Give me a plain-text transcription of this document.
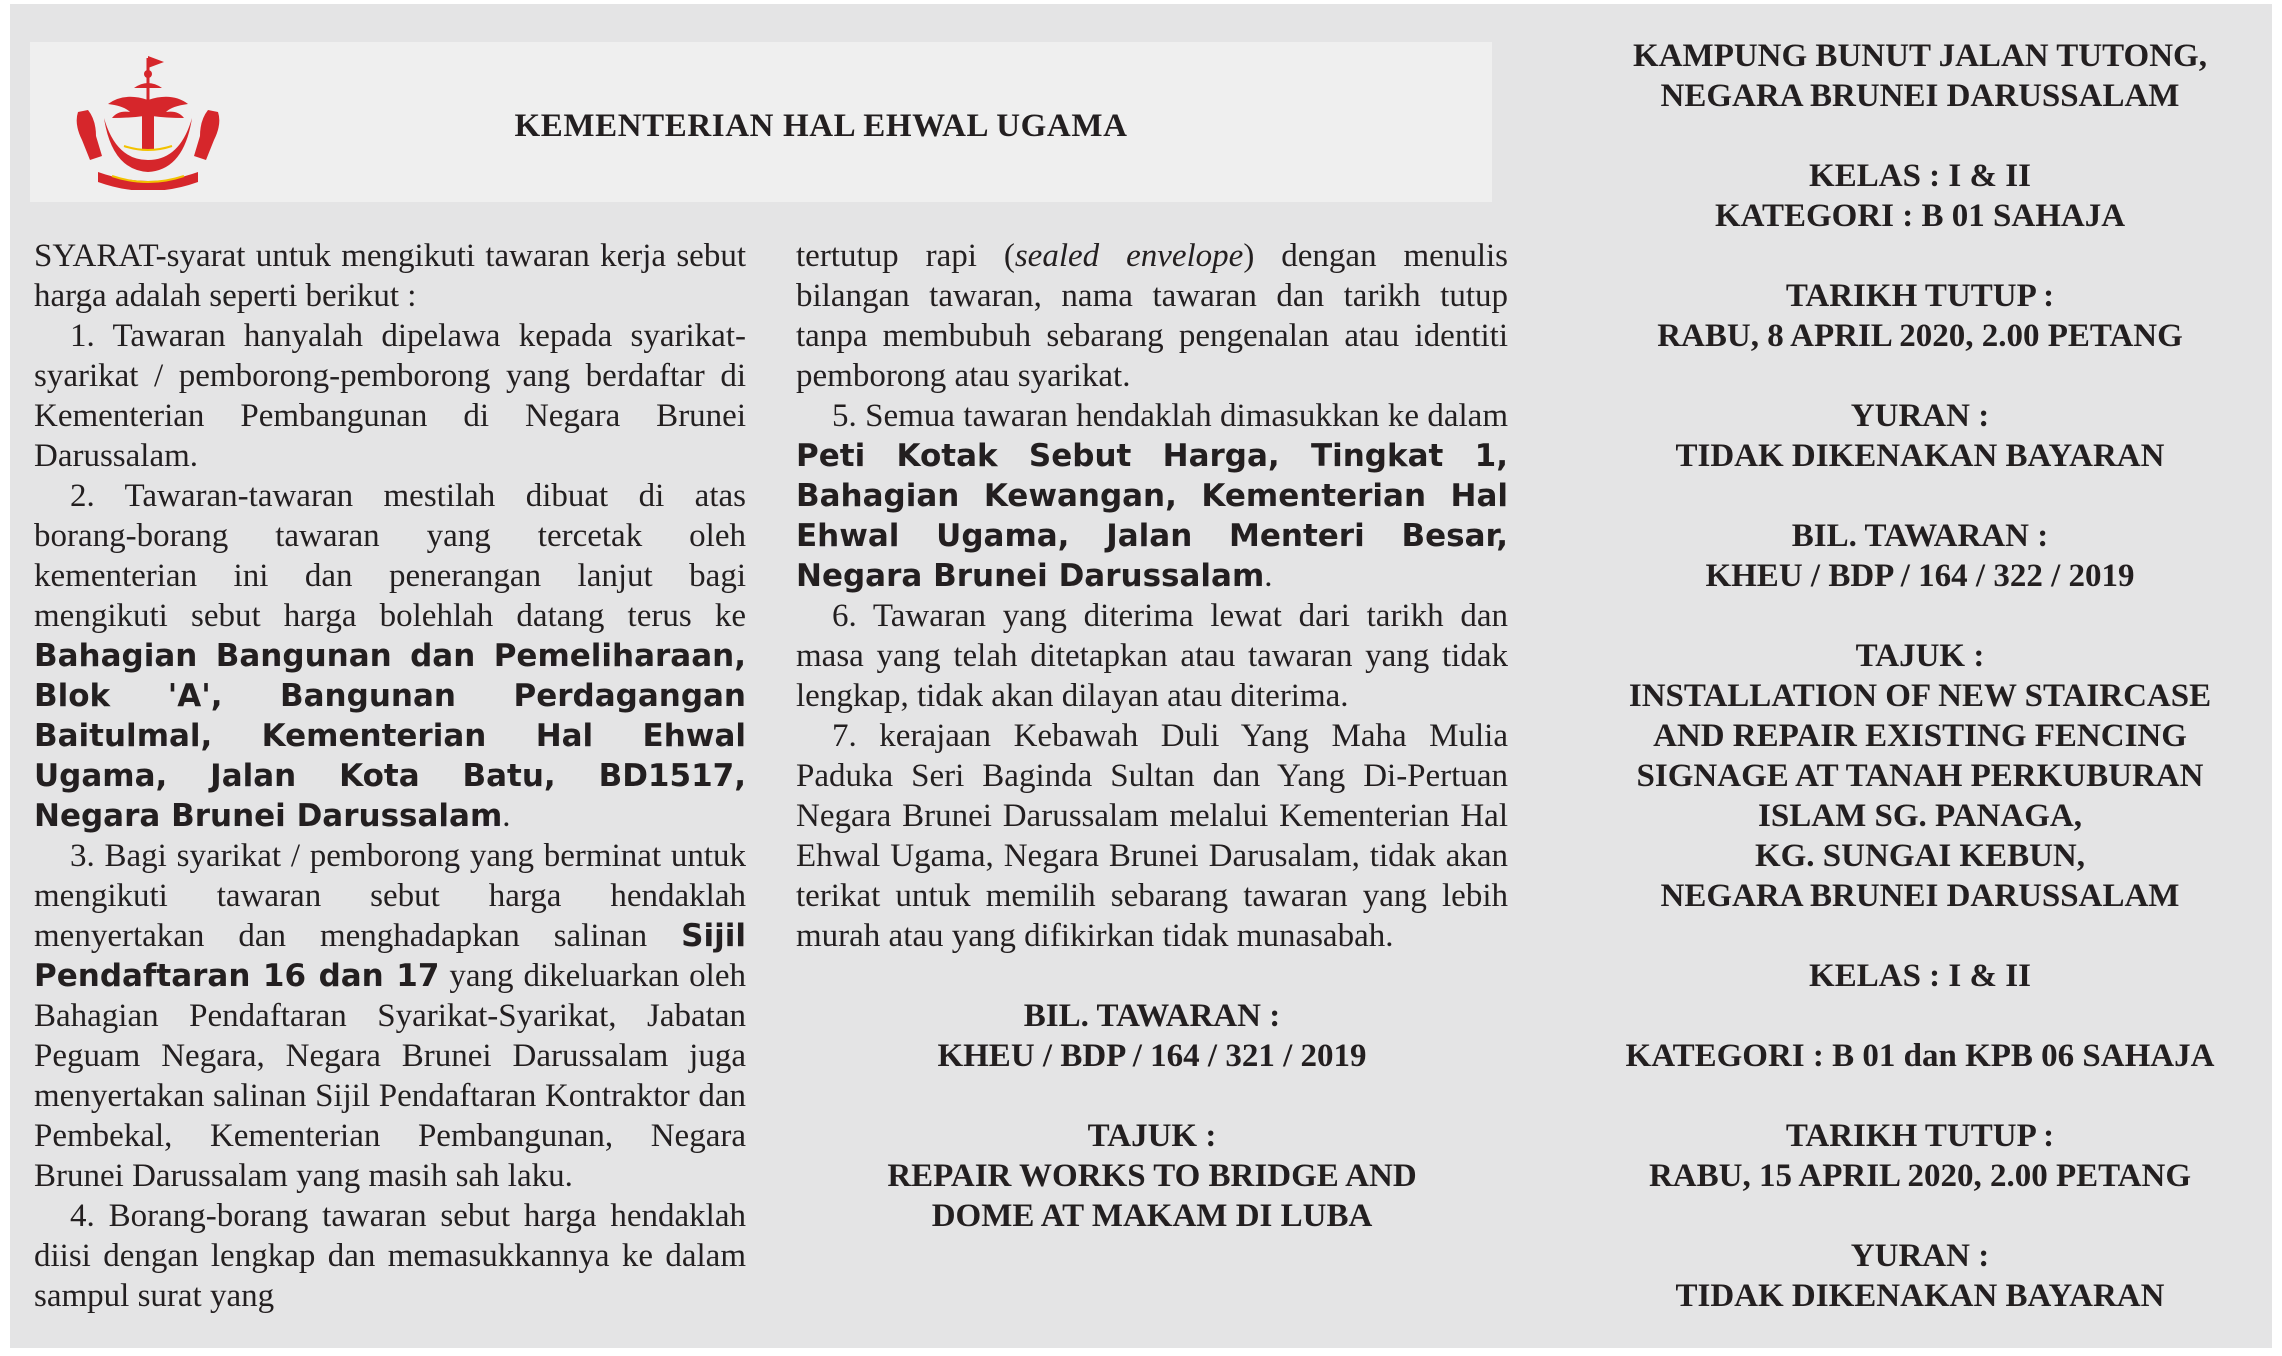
KEMENTERIAN HAL EHWAL UGAMA

SYARAT-syarat untuk mengikuti tawaran kerja sebut harga adalah seperti berikut :

1. Tawaran hanyalah dipelawa kepada syarikat-syarikat / pemborong-pemborong yang berdaftar di Kementerian Pembangunan di Negara Brunei Darussalam.

2. Tawaran-tawaran mestilah dibuat di atas borang-borang tawaran yang tercetak oleh kementerian ini dan penerangan lanjut bagi mengikuti sebut harga bolehlah datang terus ke Bahagian Bangunan dan Pemeliharaan, Blok 'A', Bangunan Perdagangan Baitulmal, Kementerian Hal Ehwal Ugama, Jalan Kota Batu, BD1517, Negara Brunei Darussalam.

3. Bagi syarikat / pemborong yang berminat untuk mengikuti tawaran sebut harga hendaklah menyertakan dan menghadapkan salinan Sijil Pendaftaran 16 dan 17 yang dikeluarkan oleh Bahagian Pendaftaran Syarikat-Syarikat, Jabatan Peguam Negara, Negara Brunei Darussalam juga menyertakan salinan Sijil Pendaftaran Kontraktor dan Pembekal, Kementerian Pembangunan, Negara Brunei Darussalam yang masih sah laku.

4. Borang-borang tawaran sebut harga hendaklah diisi dengan lengkap dan memasukkannya ke dalam sampul surat yang

tertutup rapi (sealed envelope) dengan menulis bilangan tawaran, nama tawaran dan tarikh tutup tanpa membubuh sebarang pengenalan atau identiti pemborong atau syarikat.

5. Semua tawaran hendaklah dimasukkan ke dalam Peti Kotak Sebut Harga, Tingkat 1, Bahagian Kewangan, Kementerian Hal Ehwal Ugama, Jalan Menteri Besar, Negara Brunei Darussalam.

6. Tawaran yang diterima lewat dari tarikh dan masa yang telah ditetapkan atau tawaran yang tidak lengkap, tidak akan dilayan atau diterima.

7. kerajaan Kebawah Duli Yang Maha Mulia Paduka Seri Baginda Sultan dan Yang Di-Pertuan Negara Brunei Darussalam melalui Kementerian Hal Ehwal Ugama, Negara Brunei Darusalam, tidak akan terikat untuk memilih sebarang tawaran yang lebih murah atau yang difikirkan tidak munasabah.

BIL. TAWARAN :

KHEU / BDP / 164 / 321 / 2019

TAJUK :

REPAIR WORKS TO BRIDGE AND

DOME AT MAKAM DI LUBA

KAMPUNG BUNUT JALAN TUTONG,

NEGARA BRUNEI DARUSSALAM

KELAS : I & II

KATEGORI : B 01 SAHAJA

TARIKH TUTUP :

RABU, 8 APRIL 2020, 2.00 PETANG

YURAN :

TIDAK DIKENAKAN BAYARAN

BIL. TAWARAN :

KHEU / BDP / 164 / 322 / 2019

TAJUK :

INSTALLATION OF NEW STAIRCASE

AND REPAIR EXISTING FENCING

SIGNAGE AT TANAH PERKUBURAN

ISLAM SG. PANAGA,

KG. SUNGAI KEBUN,

NEGARA BRUNEI DARUSSALAM

KELAS : I & II

KATEGORI : B 01 dan KPB 06 SAHAJA

TARIKH TUTUP :

RABU, 15 APRIL 2020, 2.00 PETANG

YURAN :

TIDAK DIKENAKAN BAYARAN
